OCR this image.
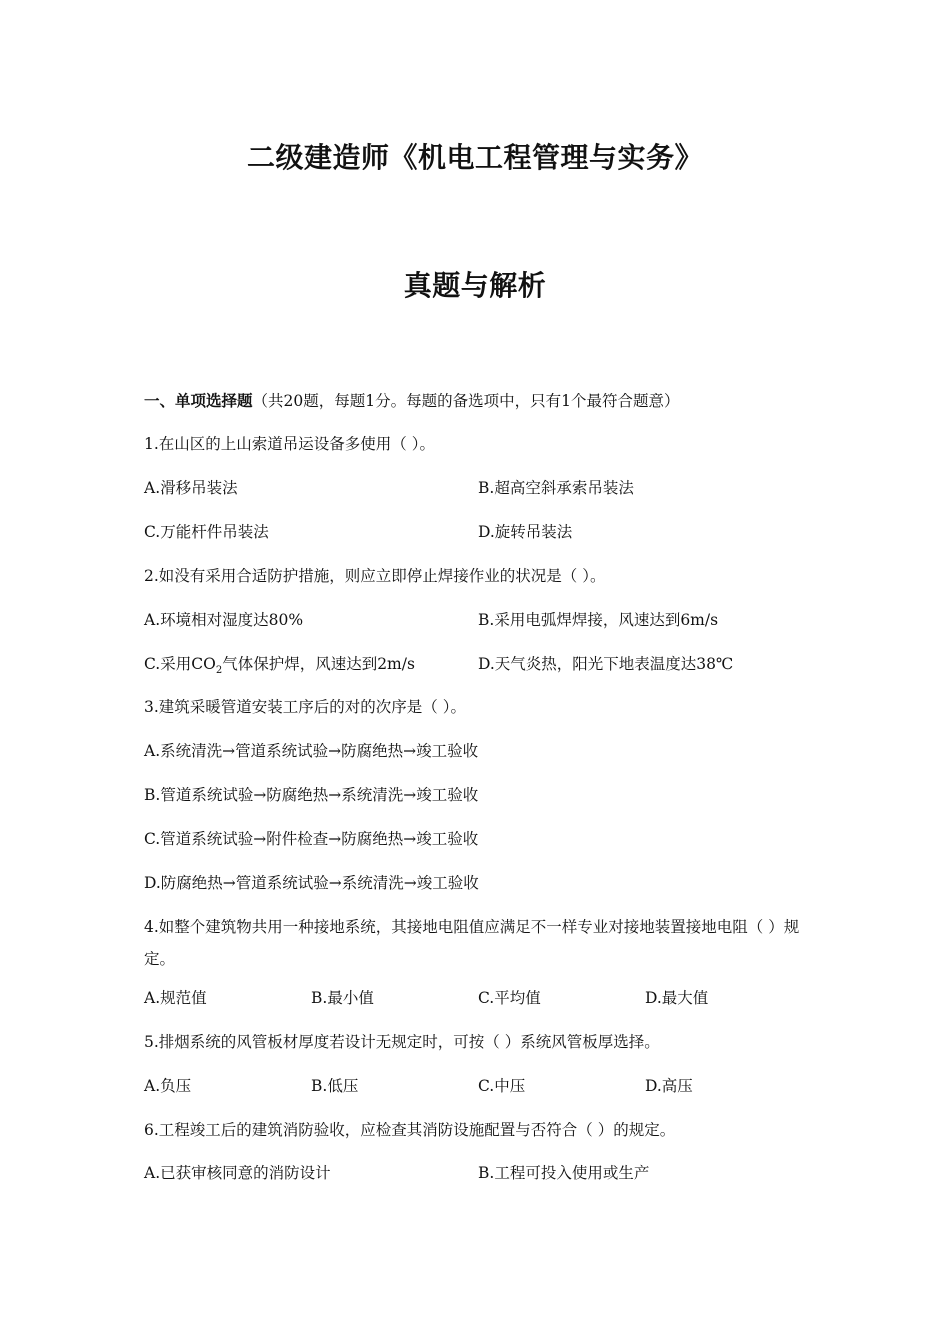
二级建造师《机电工程管理与实务》
真题与解析
一、单项选择题（共20题，每题1分。每题的备选项中，只有1个最符合题意）
1.在山区的上山索道吊运设备多使用（ ）。
A.滑移吊装法	B.超高空斜承索吊装法
C.万能杆件吊装法	D.旋转吊装法
2.如没有采用合适防护措施，则应立即停止焊接作业的状况是（ ）。
A.环境相对湿度达80%	B.采用电弧焊焊接，风速达到6m/s
C.采用$CO_2$气体保护焊，风速达到2m/s	D.天气炎热，阳光下地表温度达38℃
3.建筑采暖管道安装工序后的对的次序是（ ）。
A.系统清洗→管道系统试验→防腐绝热→竣工验收
B.管道系统试验→防腐绝热→系统清洗→竣工验收
C.管道系统试验→附件检查→防腐绝热→竣工验收
D.防腐绝热→管道系统试验→系统清洗→竣工验收
4.如整个建筑物共用一种接地系统，其接地电阻值应满足不一样专业对接地装置接地电阻（ ）规定。
A.规范值	B.最小值	C.平均值	D.最大值
5.排烟系统的风管板材厚度若设计无规定时，可按（ ）系统风管板厚选择。
A.负压	B.低压	C.中压	D.高压
6.工程竣工后的建筑消防验收，应检查其消防设施配置与否符合（ ）的规定。
A.已获审核同意的消防设计	B.工程可投入使用或生产
